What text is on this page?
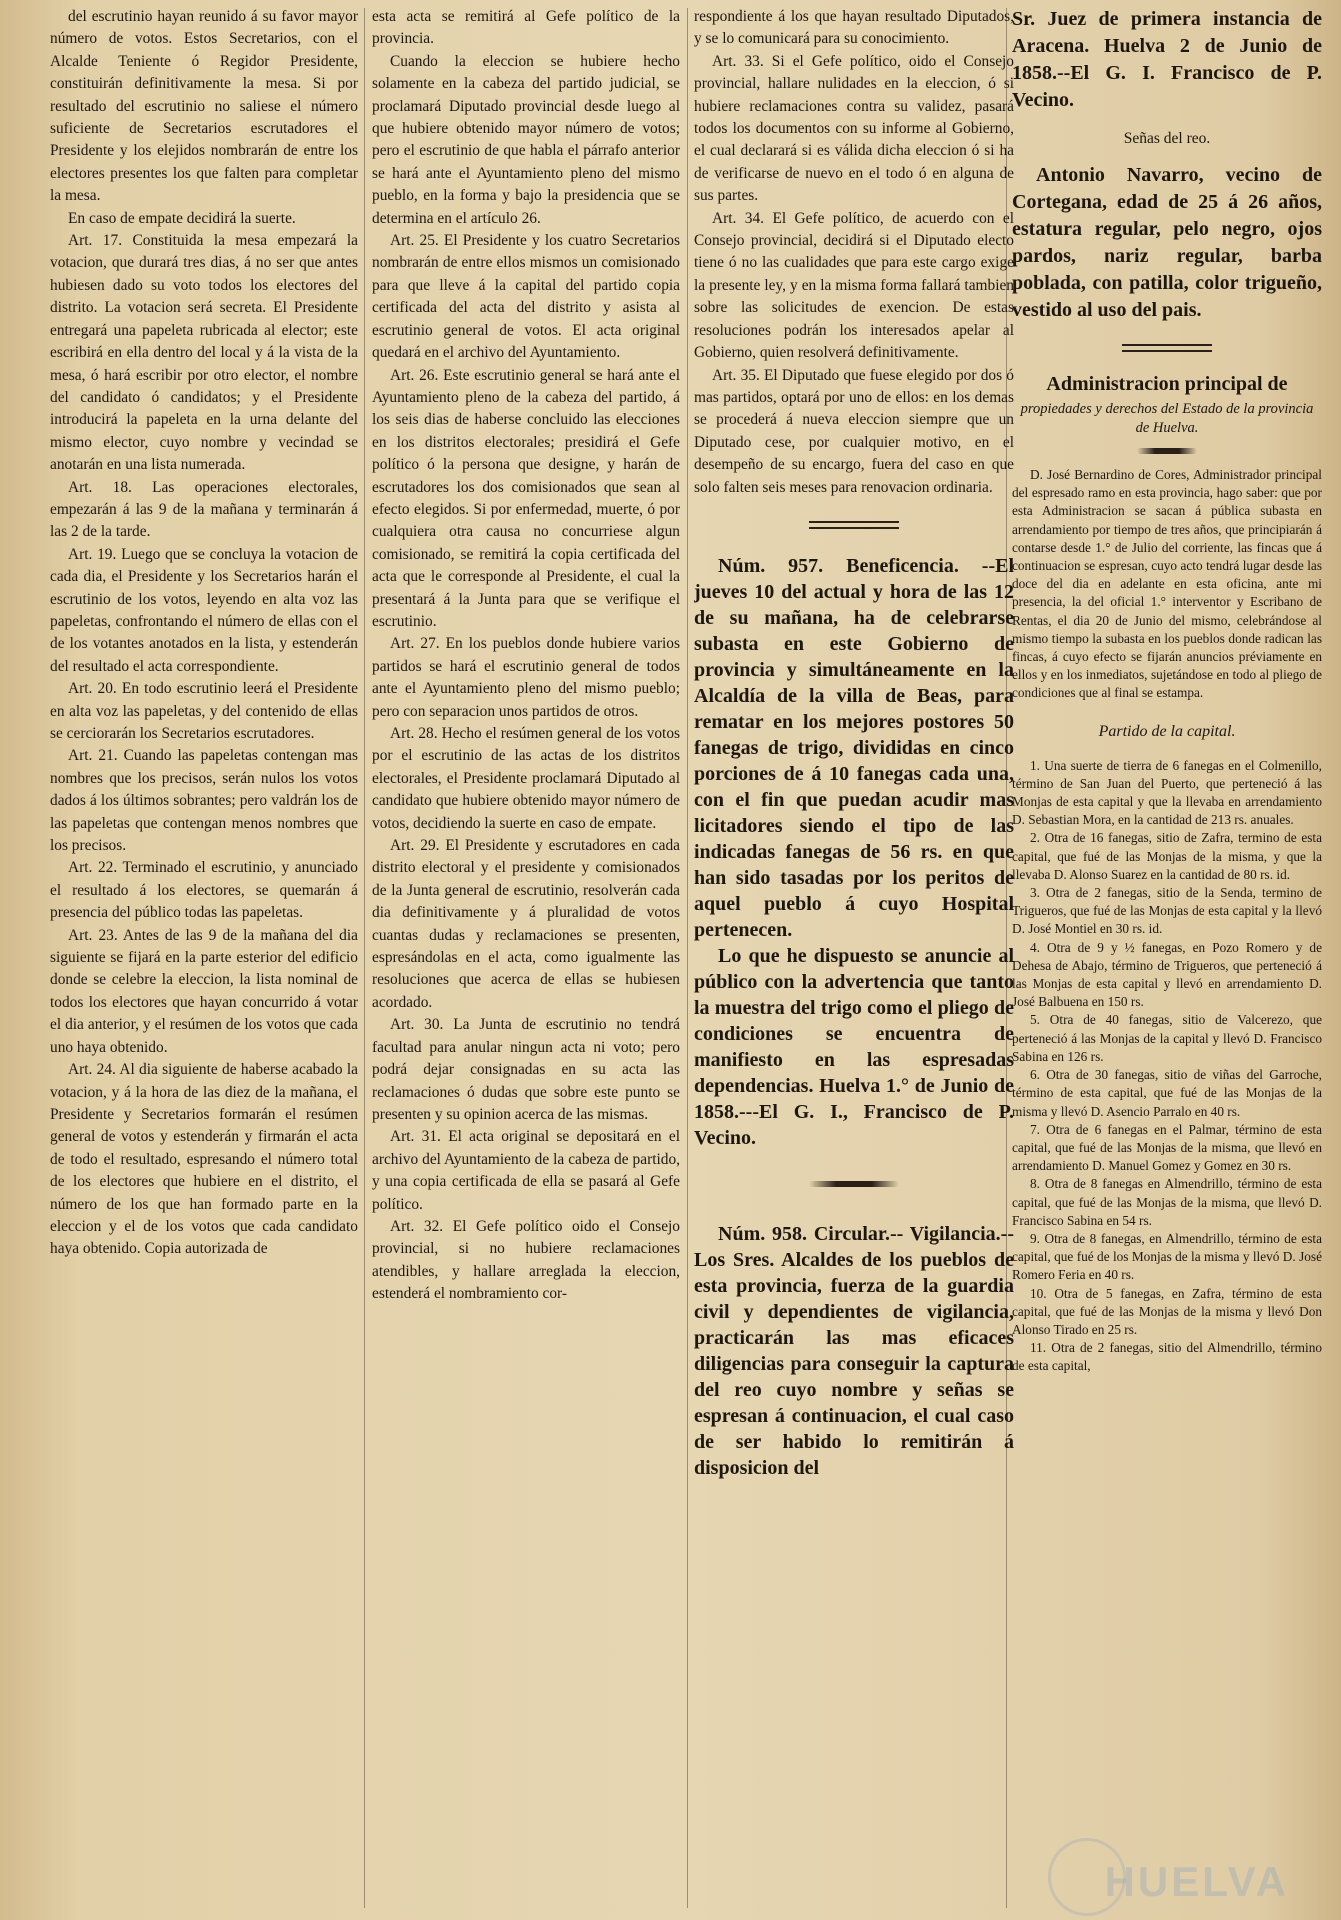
del escrutinio hayan reunido á su favor mayor número de votos. Estos Secretarios, con el Alcalde Teniente ó Regidor Presidente, constituirán definitivamente la mesa. Si por resultado del escrutinio no saliese el número suficiente de Secretarios escrutadores el Presidente y los elejidos nombrarán de entre los electores presentes los que falten para completar la mesa.

En caso de empate decidirá la suerte.

Art. 17. Constituida la mesa empezará la votacion, que durará tres dias, á no ser que antes hubiesen dado su voto todos los electores del distrito. La votacion será secreta. El Presidente entregará una papeleta rubricada al elector; este escribirá en ella dentro del local y á la vista de la mesa, ó hará escribir por otro elector, el nombre del candidato ó candidatos; y el Presidente introducirá la papeleta en la urna delante del mismo elector, cuyo nombre y vecindad se anotarán en una lista numerada.

Art. 18. Las operaciones electorales, empezarán á las 9 de la mañana y terminarán á las 2 de la tarde.

Art. 19. Luego que se concluya la votacion de cada dia, el Presidente y los Secretarios harán el escrutinio de los votos, leyendo en alta voz las papeletas, confrontando el número de ellas con el de los votantes anotados en la lista, y estenderán del resultado el acta correspondiente.

Art. 20. En todo escrutinio leerá el Presidente en alta voz las papeletas, y del contenido de ellas se cerciorarán los Secretarios escrutadores.

Art. 21. Cuando las papeletas contengan mas nombres que los precisos, serán nulos los votos dados á los últimos sobrantes; pero valdrán los de las papeletas que contengan menos nombres que los precisos.

Art. 22. Terminado el escrutinio, y anunciado el resultado á los electores, se quemarán á presencia del público todas las papeletas.

Art. 23. Antes de las 9 de la mañana del dia siguiente se fijará en la parte esterior del edificio donde se celebre la eleccion, la lista nominal de todos los electores que hayan concurrido á votar el dia anterior, y el resúmen de los votos que cada uno haya obtenido.

Art. 24. Al dia siguiente de haberse acabado la votacion, y á la hora de las diez de la mañana, el Presidente y Secretarios formarán el resúmen general de votos y estenderán y firmarán el acta de todo el resultado, espresando el número total de los electores que hubiere en el distrito, el número de los que han formado parte en la eleccion y el de los votos que cada candidato haya obtenido. Copia autorizada de

esta acta se remitirá al Gefe político de la provincia.

Cuando la eleccion se hubiere hecho solamente en la cabeza del partido judicial, se proclamará Diputado provincial desde luego al que hubiere obtenido mayor número de votos; pero el escrutinio de que habla el párrafo anterior se hará ante el Ayuntamiento pleno del mismo pueblo, en la forma y bajo la presidencia que se determina en el artículo 26.

Art. 25. El Presidente y los cuatro Secretarios nombrarán de entre ellos mismos un comisionado para que lleve á la capital del partido copia certificada del acta del distrito y asista al escrutinio general de votos. El acta original quedará en el archivo del Ayuntamiento.

Art. 26. Este escrutinio general se hará ante el Ayuntamiento pleno de la cabeza del partido, á los seis dias de haberse concluido las elecciones en los distritos electorales; presidirá el Gefe político ó la persona que designe, y harán de escrutadores los dos comisionados que sean al efecto elegidos. Si por enfermedad, muerte, ó por cualquiera otra causa no concurriese algun comisionado, se remitirá la copia certificada del acta que le corresponde al Presidente, el cual la presentará á la Junta para que se verifique el escrutinio.

Art. 27. En los pueblos donde hubiere varios partidos se hará el escrutinio general de todos ante el Ayuntamiento pleno del mismo pueblo; pero con separacion unos partidos de otros.

Art. 28. Hecho el resúmen general de los votos por el escrutinio de las actas de los distritos electorales, el Presidente proclamará Diputado al candidato que hubiere obtenido mayor número de votos, decidiendo la suerte en caso de empate.

Art. 29. El Presidente y escrutadores en cada distrito electoral y el presidente y comisionados de la Junta general de escrutinio, resolverán cada dia definitivamente y á pluralidad de votos cuantas dudas y reclamaciones se presenten, espresándolas en el acta, como igualmente las resoluciones que acerca de ellas se hubiesen acordado.

Art. 30. La Junta de escrutinio no tendrá facultad para anular ningun acta ni voto; pero podrá dejar consignadas en su acta las reclamaciones ó dudas que sobre este punto se presenten y su opinion acerca de las mismas.

Art. 31. El acta original se depositará en el archivo del Ayuntamiento de la cabeza de partido, y una copia certificada de ella se pasará al Gefe político.

Art. 32. El Gefe político oido el Consejo provincial, si no hubiere reclamaciones atendibles, y hallare arreglada la eleccion, estenderá el nombramiento cor-

respondiente á los que hayan resultado Diputados, y se lo comunicará para su conocimiento.

Art. 33. Si el Gefe político, oido el Consejo provincial, hallare nulidades en la eleccion, ó si hubiere reclamaciones contra su validez, pasará todos los documentos con su informe al Gobierno, el cual declarará si es válida dicha eleccion ó si ha de verificarse de nuevo en el todo ó en alguna de sus partes.

Art. 34. El Gefe político, de acuerdo con el Consejo provincial, decidirá si el Diputado electo tiene ó no las cualidades que para este cargo exige la presente ley, y en la misma forma fallará tambien sobre las solicitudes de exencion. De estas resoluciones podrán los interesados apelar al Gobierno, quien resolverá definitivamente.

Art. 35. El Diputado que fuese elegido por dos ó mas partidos, optará por uno de ellos: en los demas se procederá á nueva eleccion siempre que un Diputado cese, por cualquier motivo, en el desempeño de su encargo, fuera del caso en que solo falten seis meses para renovacion ordinaria.

Núm. 957. Beneficencia. --El jueves 10 del actual y hora de las 12 de su mañana, ha de celebrarse subasta en este Gobierno de provincia y simultáneamente en la Alcaldía de la villa de Beas, para rematar en los mejores postores 50 fanegas de trigo, divididas en cinco porciones de á 10 fanegas cada una, con el fin que puedan acudir mas licitadores siendo el tipo de las indicadas fanegas de 56 rs. en que han sido tasadas por los peritos de aquel pueblo á cuyo Hospital pertenecen.

Lo que he dispuesto se anuncie al público con la advertencia que tanto la muestra del trigo como el pliego de condiciones se encuentra de manifiesto en las espresadas dependencias. Huelva 1.° de Junio de 1858.---El G. I., Francisco de P. Vecino.

Núm. 958. Circular.-- Vigilancia.--Los Sres. Alcaldes de los pueblos de esta provincia, fuerza de la guardia civil y dependientes de vigilancia, practicarán las mas eficaces diligencias para conseguir la captura del reo cuyo nombre y señas se espresan á continuacion, el cual caso de ser habido lo remitirán á disposicion del

Sr. Juez de primera instancia de Aracena. Huelva 2 de Junio de 1858.--El G. I. Francisco de P. Vecino.

Señas del reo.

Antonio Navarro, vecino de Cortegana, edad de 25 á 26 años, estatura regular, pelo negro, ojos pardos, nariz regular, barba poblada, con patilla, color trigueño, vestido al uso del pais.

Administracion principal de

propiedades y derechos del Estado de la provincia de Huelva.

D. José Bernardino de Cores, Administrador principal del espresado ramo en esta provincia, hago saber: que por esta Administracion se sacan á pública subasta en arrendamiento por tiempo de tres años, que principiarán á contarse desde 1.° de Julio del corriente, las fincas que á continuacion se espresan, cuyo acto tendrá lugar desde las doce del dia en adelante en esta oficina, ante mi presencia, la del oficial 1.° interventor y Escribano de Rentas, el dia 20 de Junio del mismo, celebrándose al mismo tiempo la subasta en los pueblos donde radican las fincas, á cuyo efecto se fijarán anuncios préviamente en ellos y en los inmediatos, sujetándose en todo al pliego de condiciones que al final se estampa.

Partido de la capital.

1. Una suerte de tierra de 6 fanegas en el Colmenillo, término de San Juan del Puerto, que perteneció á las Monjas de esta capital y que la llevaba en arrendamiento D. Sebastian Mora, en la cantidad de 213 rs. anuales.

2. Otra de 16 fanegas, sitio de Zafra, termino de esta capital, que fué de las Monjas de la misma, y que la llevaba D. Alonso Suarez en la cantidad de 80 rs. id.

3. Otra de 2 fanegas, sitio de la Senda, termino de Trigueros, que fué de las Monjas de esta capital y la llevó D. José Montiel en 30 rs. id.

4. Otra de 9 y ½ fanegas, en Pozo Romero y de Dehesa de Abajo, término de Trigueros, que perteneció á las Monjas de esta capital y llevó en arrendamiento D. José Balbuena en 150 rs.

5. Otra de 40 fanegas, sitio de Valcerezo, que perteneció á las Monjas de la capital y llevó D. Francisco Sabina en 126 rs.

6. Otra de 30 fanegas, sitio de viñas del Garroche, término de esta capital, que fué de las Monjas de la misma y llevó D. Asencio Parralo en 40 rs.

7. Otra de 6 fanegas en el Palmar, término de esta capital, que fué de las Monjas de la misma, que llevó en arrendamiento D. Manuel Gomez y Gomez en 30 rs.

8. Otra de 8 fanegas en Almendrillo, término de esta capital, que fué de las Monjas de la misma, que llevó D. Francisco Sabina en 54 rs.

9. Otra de 8 fanegas, en Almendrillo, término de esta capital, que fué de los Monjas de la misma y llevó D. José Romero Feria en 40 rs.

10. Otra de 5 fanegas, en Zafra, término de esta capital, que fué de las Monjas de la misma y llevó Don Alonso Tirado en 25 rs.

11. Otra de 2 fanegas, sitio del Almendrillo, término de esta capital,

HUELVA
